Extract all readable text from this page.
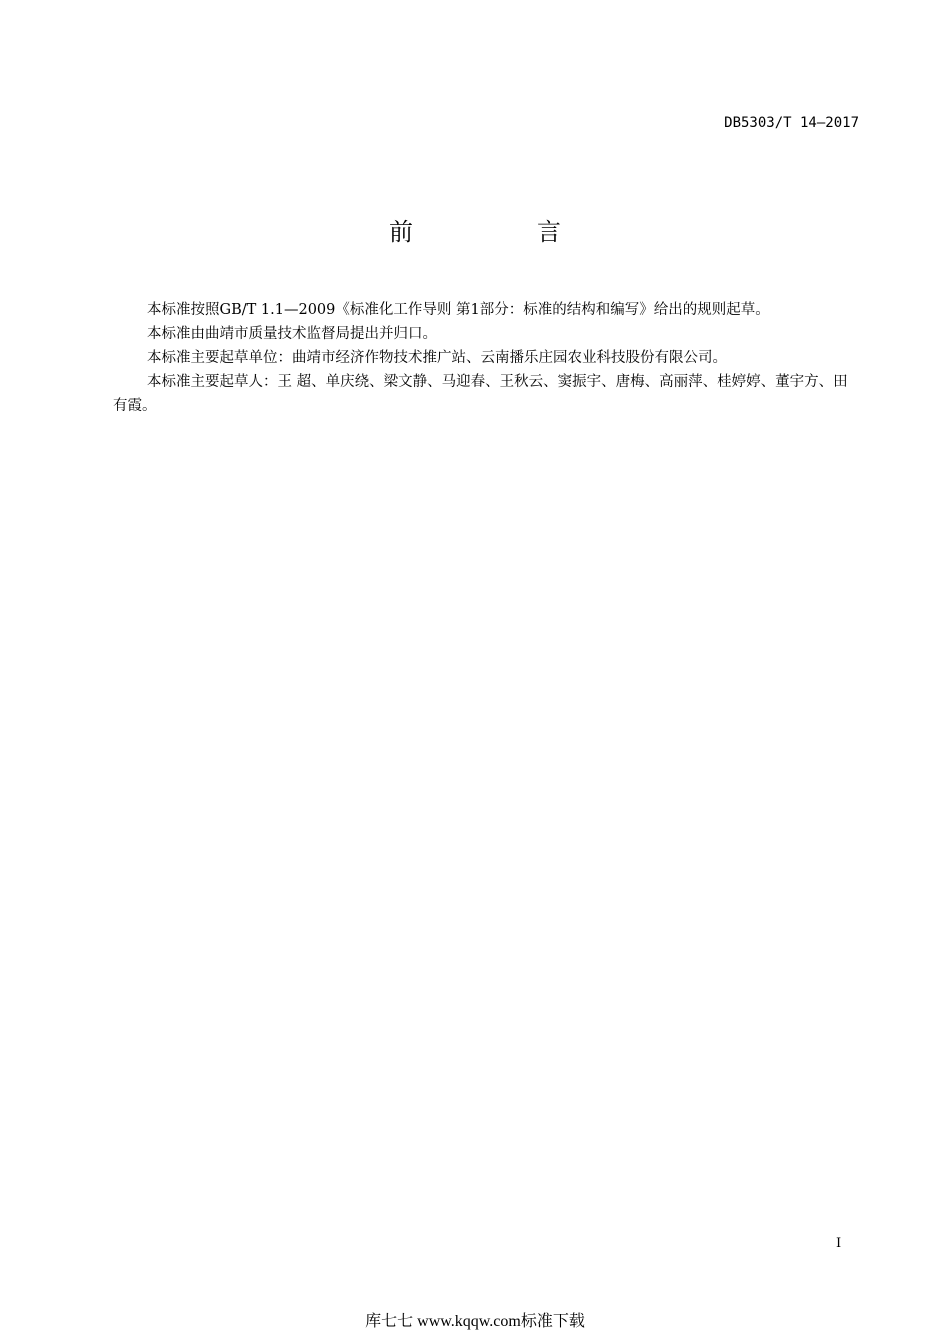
DB5303/T 14—2017
前　言

本标准按照GB/T 1.1—2009《标准化工作导则 第1部分：标准的结构和编写》给出的规则起草。

本标准由曲靖市质量技术监督局提出并归口。

本标准主要起草单位：曲靖市经济作物技术推广站、云南播乐庄园农业科技股份有限公司。

本标准主要起草人：王 超、单庆绕、梁文静、马迎春、王秋云、窦振宇、唐梅、高丽萍、桂婷婷、董宇方、田有霞。

I
库七七 www.kqqw.com标准下载
